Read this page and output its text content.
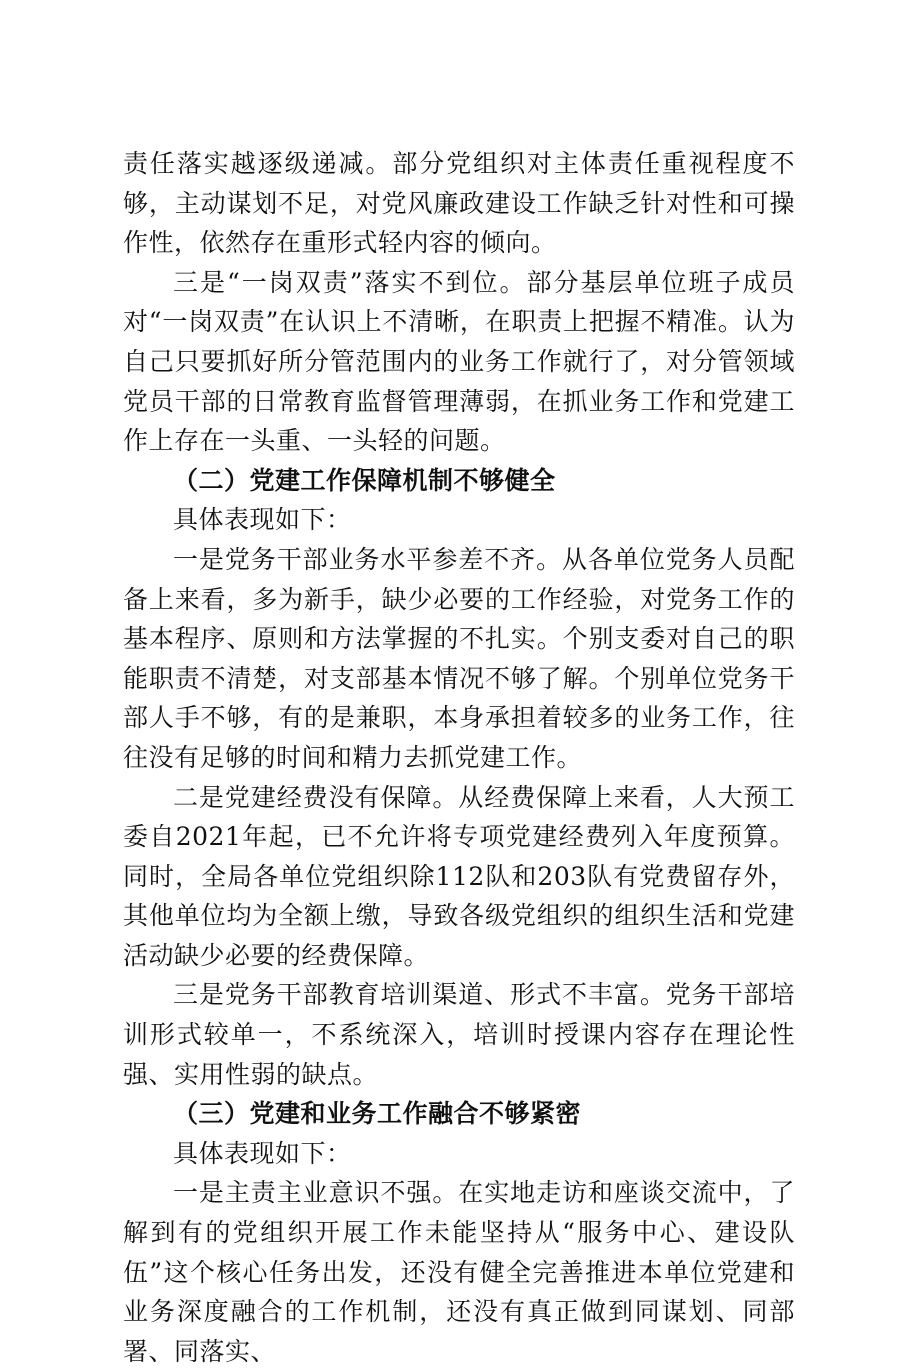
责任落实越逐级递减。部分党组织对主体责任重视程度不够，主动谋划不足，对党风廉政建设工作缺乏针对性和可操作性，依然存在重形式轻内容的倾向。

三是“一岗双责”落实不到位。部分基层单位班子成员对“一岗双责”在认识上不清晰，在职责上把握不精准。认为自己只要抓好所分管范围内的业务工作就行了，对分管领域党员干部的日常教育监督管理薄弱，在抓业务工作和党建工作上存在一头重、一头轻的问题。

（二）党建工作保障机制不够健全

具体表现如下：

一是党务干部业务水平参差不齐。从各单位党务人员配备上来看，多为新手，缺少必要的工作经验，对党务工作的基本程序、原则和方法掌握的不扎实。个别支委对自己的职能职责不清楚，对支部基本情况不够了解。个别单位党务干部人手不够，有的是兼职，本身承担着较多的业务工作，往往没有足够的时间和精力去抓党建工作。

二是党建经费没有保障。从经费保障上来看，人大预工委自2021年起，已不允许将专项党建经费列入年度预算。同时，全局各单位党组织除112队和203队有党费留存外，其他单位均为全额上缴，导致各级党组织的组织生活和党建活动缺少必要的经费保障。

三是党务干部教育培训渠道、形式不丰富。党务干部培训形式较单一，不系统深入，培训时授课内容存在理论性强、实用性弱的缺点。

（三）党建和业务工作融合不够紧密

具体表现如下：

一是主责主业意识不强。在实地走访和座谈交流中，了解到有的党组织开展工作未能坚持从“服务中心、建设队伍”这个核心任务出发，还没有健全完善推进本单位党建和业务深度融合的工作机制，还没有真正做到同谋划、同部署、同落实、
